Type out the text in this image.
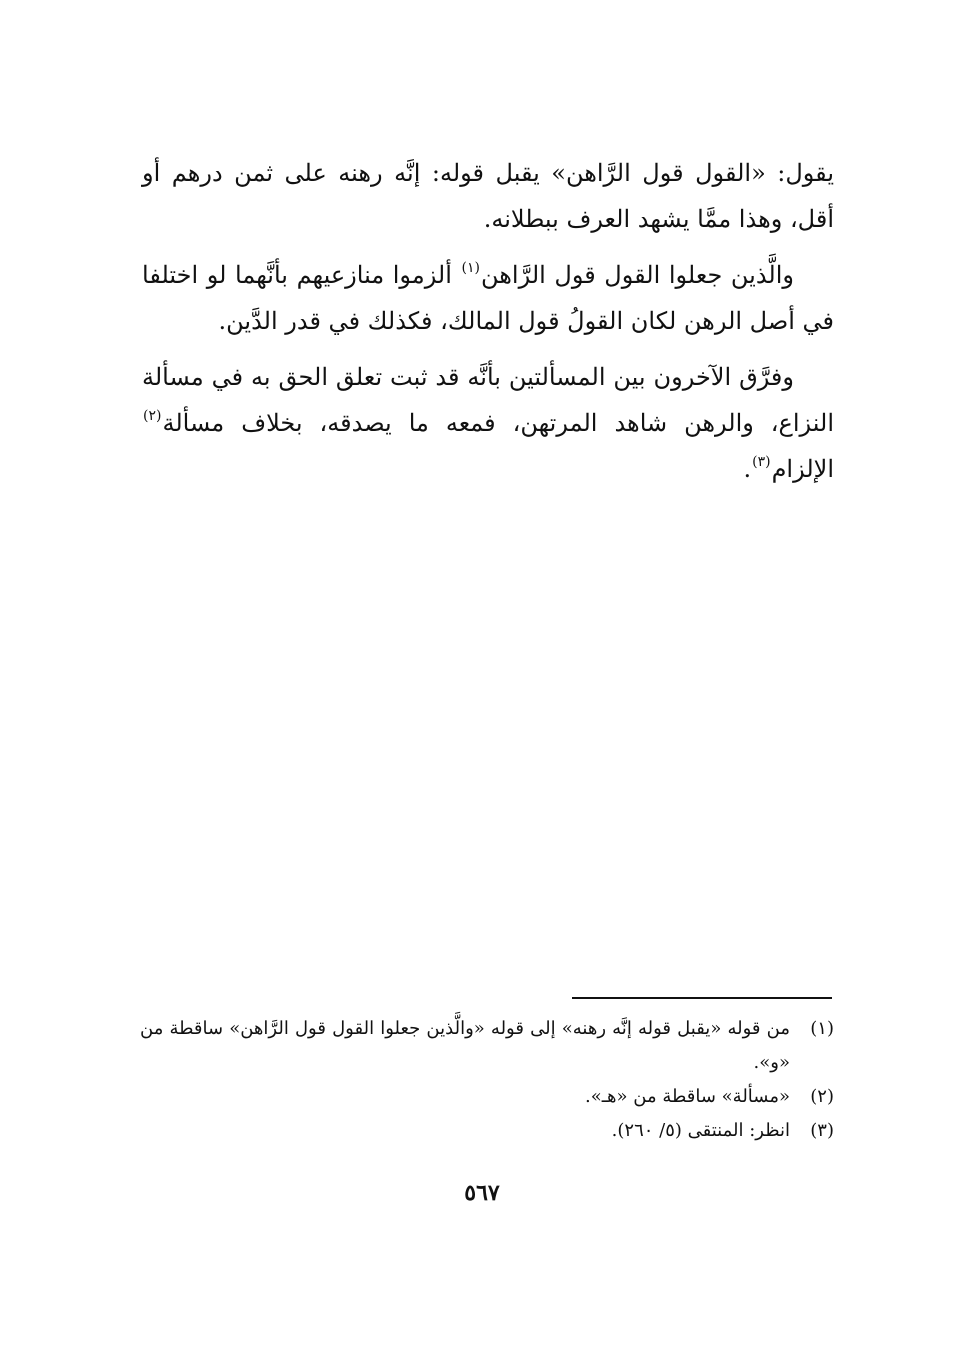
يقول: «القول قول الرَّاهن» يقبل قوله: إنَّه رهنه على ثمن درهم أو أقل، وهذا ممَّا يشهد العرف ببطلانه.

والَّذين جعلوا القول قول الرَّاهن$^{(١)}$ ألزموا منازعيهم بأنَّهما لو اختلفا في أصل الرهن لكان القولُ قول المالك، فكذلك في قدر الدَّين.

وفرَّق الآخرون بين المسألتين بأنَّه قد ثبت تعلق الحق به في مسألة النزاع، والرهن شاهد المرتهن، فمعه ما يصدقه، بخلاف مسألة$^{(٢)}$ الإلزام$^{(٣)}$.

(١)
من قوله «يقبل قوله إنَّه رهنه» إلى قوله «والَّذين جعلوا القول قول الرَّاهن» ساقطة من «و».
(٢)
«مسألة» ساقطة من «هـ».
(٣)
انظر: المنتقى (٥/ ٢٦٠).
٥٦٧
